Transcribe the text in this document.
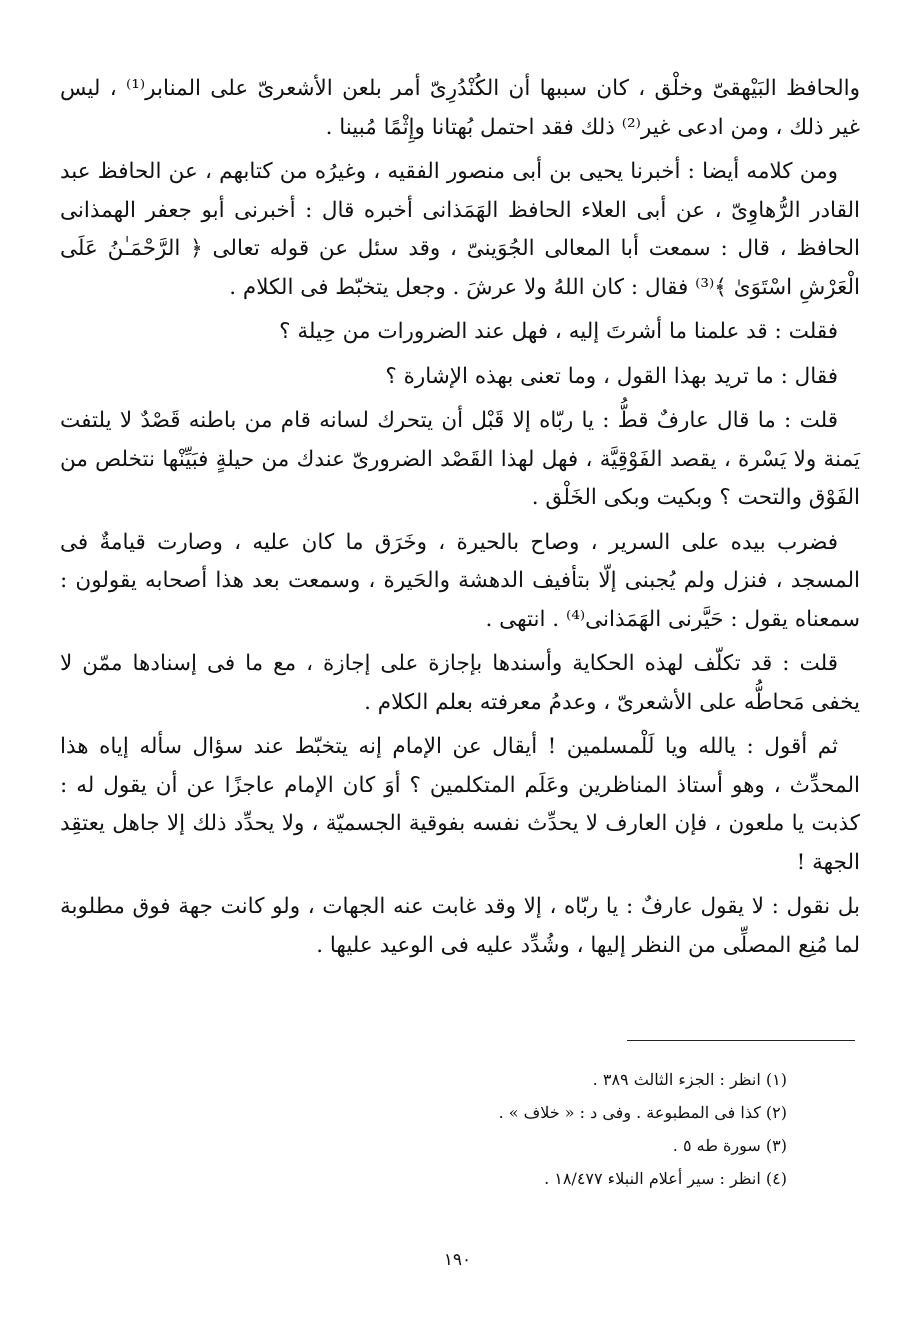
والحافظ البَيْهقىّ وخلْق ، كان سببها أن الكُنْدُرِىّ أمر بلعن الأشعرىّ على المنابر⁽¹⁾ ، ليس غير ذلك ، ومن ادعى غير⁽²⁾ ذلك فقد احتمل بُهتانا وإِثْمًا مُبينا .

ومن كلامه أيضا : أخبرنا يحيى بن أبى منصور الفقيه ، وغيرُه من كتابهم ، عن الحافظ عبد القادر الرُّهاوِىّ ، عن أبى العلاء الحافظ الهَمَذانى أخبره قال : أخبرنى أبو جعفر الهمذانى الحافظ ، قال : سمعت أبا المعالى الجُوَينىّ ، وقد سئل عن قوله تعالى ﴿ الرَّحْمَـٰنُ عَلَى الْعَرْشِ اسْتَوَىٰ ﴾⁽³⁾ فقال : كان اللهُ ولا عرشَ . وجعل يتخبّط فى الكلام .

فقلت : قد علمنا ما أشرتَ إليه ، فهل عند الضرورات من حِيلة ؟

فقال : ما تريد بهذا القول ، وما تعنى بهذه الإشارة ؟

قلت : ما قال عارفٌ قطُّ : يا ربّاه إلا قَبْل أن يتحرك لسانه قام من باطنه قَصْدٌ لا يلتفت يَمنة ولا يَسْرة ، يقصد الفَوْقِيَّة ، فهل لهذا القَصْد الضرورىّ عندك من حيلةٍ فبَيِّنْها نتخلص من الفَوْق والتحت ؟ وبكيت وبكى الخَلْق .

فضرب بيده على السرير ، وصاح بالحيرة ، وخَرَق ما كان عليه ، وصارت قيامةٌ فى المسجد ، فنزل ولم يُجبنى إلّا بتأفيف الدهشة والحَيرة ، وسمعت بعد هذا أصحابه يقولون : سمعناه يقول : حَيَّرنى الهَمَذانى⁽⁴⁾ . انتهى .

قلت : قد تكلّف لهذه الحكاية وأسندها بإجازة على إجازة ، مع ما فى إسنادها ممّن لا يخفى مَحاطُّه على الأشعرىّ ، وعدمُ معرفته بعلم الكلام .

ثم أقول : يالله ويا لَلْمسلمين ! أيقال عن الإمام إنه يتخبّط عند سؤال سأله إياه هذا المحدِّث ، وهو أستاذ المناظرين وعَلَم المتكلمين ؟ أوَ كان الإمام عاجزًا عن أن يقول له : كذبت يا ملعون ، فإن العارف لا يحدِّث نفسه بفوقية الجسميّة ، ولا يحدِّد ذلك إلا جاهل يعتقِد الجهة !

بل نقول : لا يقول عارفٌ : يا ربّاه ، إلا وقد غابت عنه الجهات ، ولو كانت جهة فوق مطلوبة لما مُنِع المصلِّى من النظر إليها ، وشُدِّد عليه فى الوعيد عليها .

(١) انظر : الجزء الثالث ٣٨٩ .

(٢) كذا فى المطبوعة . وفى د : « خلاف » .

(٣) سورة طه ٥ .

(٤) انظر : سير أعلام النبلاء ١٨/٤٧٧ .

١٩٠
